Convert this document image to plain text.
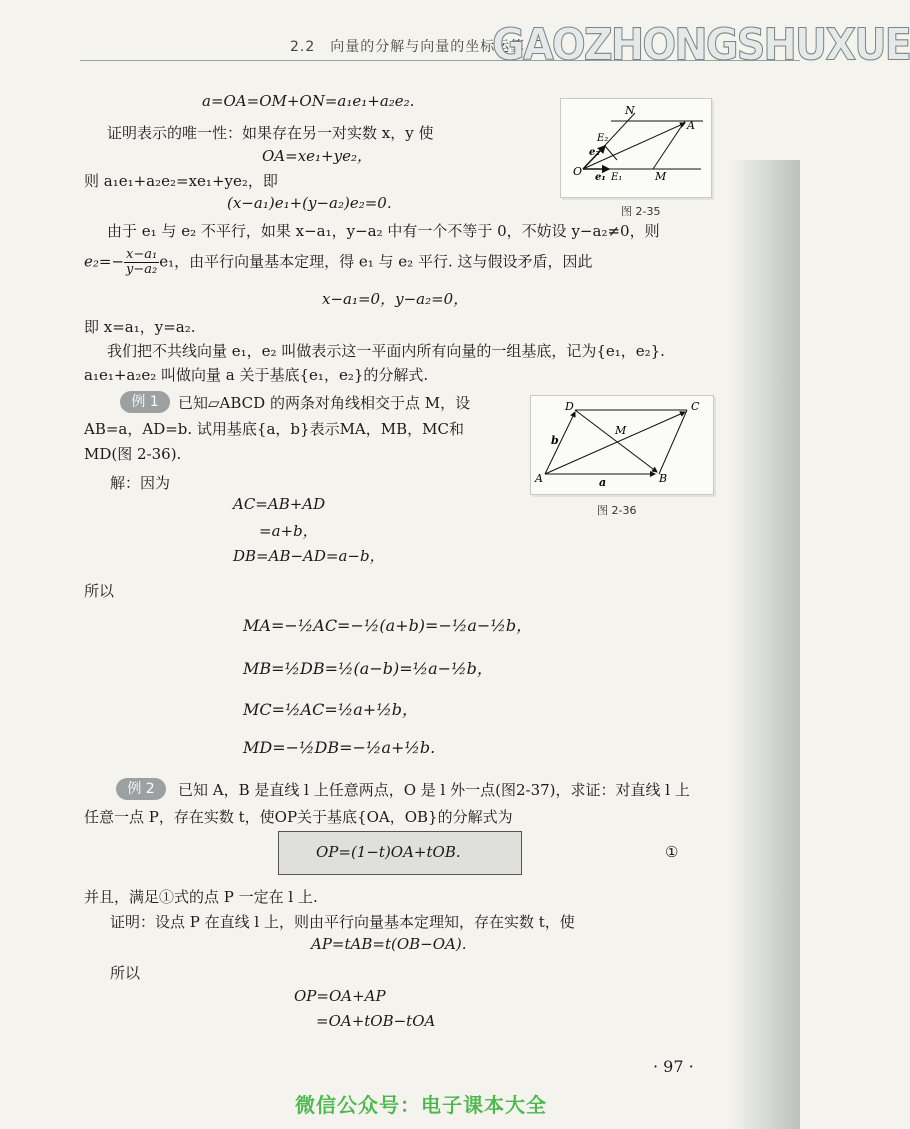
2.2　向量的分解与向量的坐标运算
GAOZHONGSHUXUE
N
A
E₂
e₂
O e₁ E₁	M
图 2-35
D	C
M
b
A	a	B
图 2-36
a=OA=OM+ON=a₁e₁+a₂e₂.
证明表示的唯一性：如果存在另一对实数 x，y 使
OA=xe₁+ye₂，
则 a₁e₁+a₂e₂=xe₁+ye₂，即
(x−a₁)e₁+(y−a₂)e₂=0.
由于 e₁ 与 e₂ 不平行，如果 x−a₁，y−a₂ 中有一个不等于 0，不妨设 y−a₂≠0，则
$e_2=- \frac{\text{x−a₁}}{\text{y−a₂}} e_1$，由平行向量基本定理，得 e₁ 与 e₂ 平行. 这与假设矛盾，因此
x−a₁=0，y−a₂=0，
即 x=a₁，y=a₂.
我们把不共线向量 e₁，e₂ 叫做表示这一平面内所有向量的一组基底，记为{e₁，e₂}.
a₁e₁+a₂e₂ 叫做向量 a 关于基底{e₁，e₂}的分解式.
例 1	已知▱ABCD 的两条对角线相交于点 M，设
AB=a，AD=b. 试用基底{a，b}表示MA，MB，MC和
MD(图 2-36).
解：因为
AC=AB+AD
=a+b，
DB=AB−AD=a−b，
所以
MA=−½AC=−½(a+b)=−½a−½b，
MB=½DB=½(a−b)=½a−½b，
MC=½AC=½a+½b，
MD=−½DB=−½a+½b.
例 2	已知 A，B 是直线 l 上任意两点，O 是 l 外一点(图2-37)，求证：对直线 l 上
任意一点 P，存在实数 t，使OP关于基底{OA，OB}的分解式为
OP=(1−t)OA+tOB.	①
并且，满足①式的点 P 一定在 l 上.
证明：设点 P 在直线 l 上，则由平行向量基本定理知，存在实数 t，使
AP=tAB=t(OB−OA).
所以
OP=OA+AP
=OA+tOB−tOA
· 97 ·
微信公众号：电子课本大全
